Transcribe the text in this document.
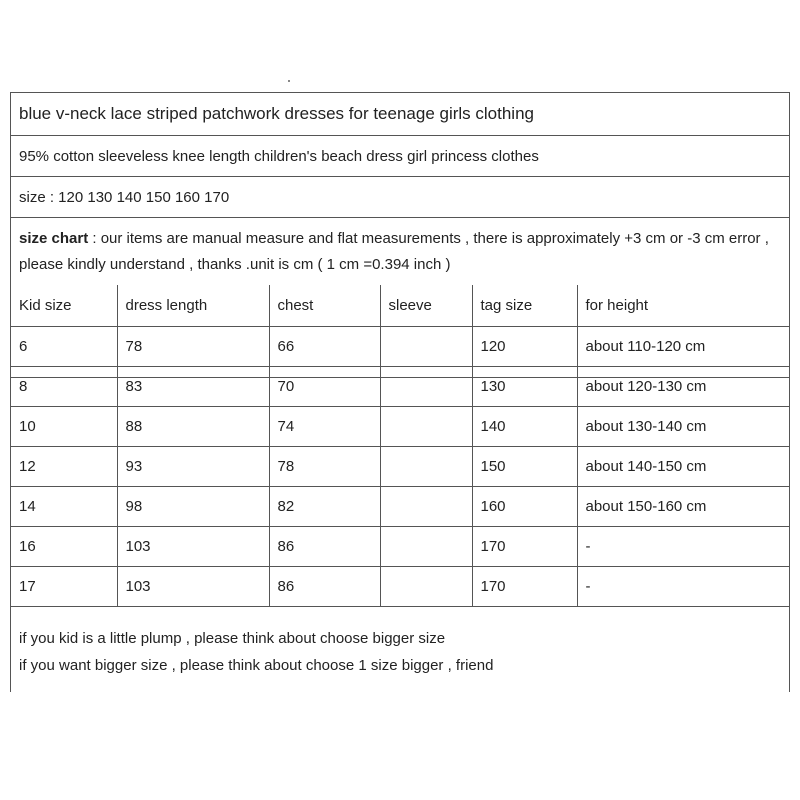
blue v-neck lace striped patchwork dresses for teenage girls clothing
95% cotton sleeveless knee length children's beach dress girl princess clothes
size : 120 130 140 150 160 170
size chart : our items are manual measure and flat measurements , there is approximately +3 cm or -3 cm error ,
please kindly understand , thanks .unit is cm ( 1 cm =0.394 inch )
Kid size	dress length	chest	sleeve	tag size	for height
6	78	66		120	about 110-120 cm
8	83	70		130	about 120-130 cm
10	88	74		140	about 130-140 cm
12	93	78		150	about 140-150 cm
14	98	82		160	about 150-160 cm
16	103	86		170	-
17	103	86		170	-
if you kid is a little plump , please think about choose bigger size
if you want bigger size , please think about choose 1 size bigger , friend
